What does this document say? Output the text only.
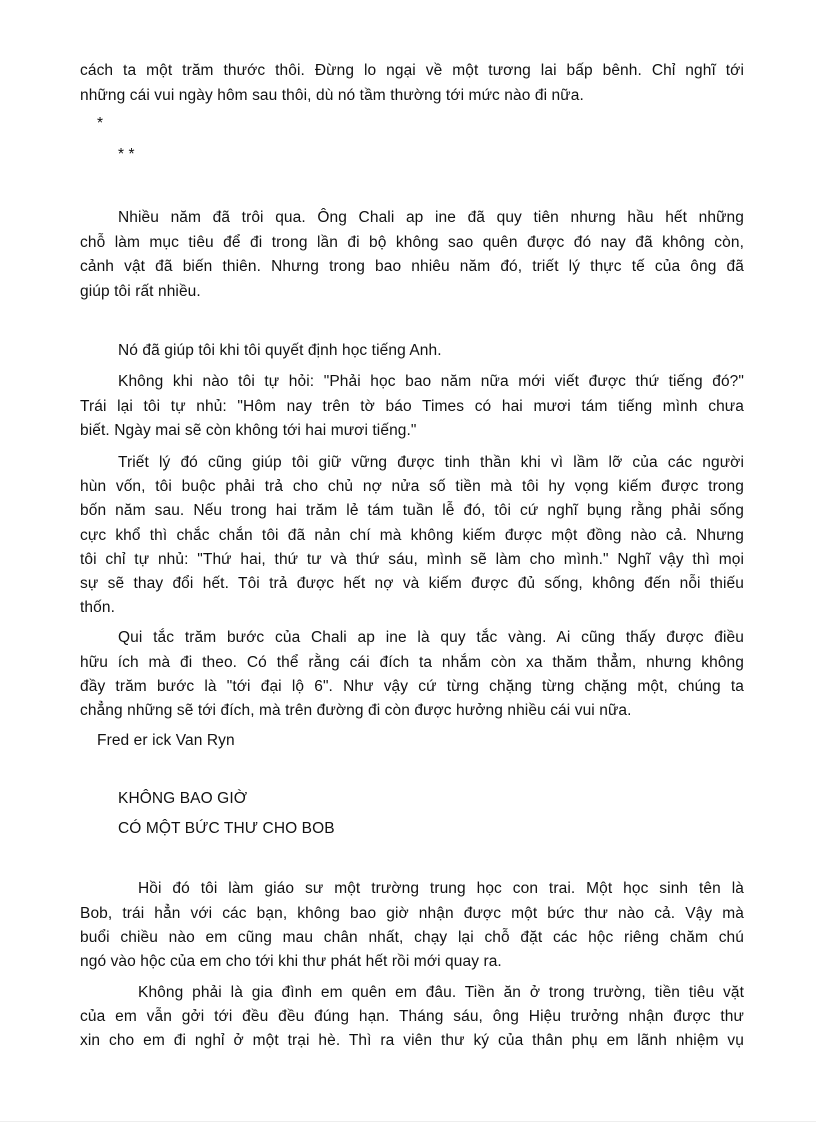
cách ta một trăm thước thôi. Đừng lo ngại về một tương lai bấp bênh. Chỉ nghĩ tới
những cái vui ngày hôm sau thôi, dù nó tầm thường tới mức nào đi nữa.
*
* *
Nhiều năm đã trôi qua. Ông Chali ap ine đã quy tiên nhưng hầu hết những
chỗ làm mục tiêu để đi trong lần đi bộ không sao quên được đó nay đã không còn,
cảnh vật đã biến thiên. Nhưng trong bao nhiêu năm đó, triết lý thực tế của ông đã
giúp tôi rất nhiều.
Nó đã giúp tôi khi tôi quyết định học tiếng Anh.
Không khi nào tôi tự hỏi: "Phải học bao năm nữa mới viết được thứ tiếng đó?"
Trái lại tôi tự nhủ: "Hôm nay trên tờ báo Times có hai mươi tám tiếng mình chưa
biết. Ngày mai sẽ còn không tới hai mươi tiếng."
Triết lý đó cũng giúp tôi giữ vững được tinh thần khi vì lầm lỡ của các người
hùn vốn, tôi buộc phải trả cho chủ nợ nửa số tiền mà tôi hy vọng kiếm được trong
bốn năm sau. Nếu trong hai trăm lẻ tám tuần lễ đó, tôi cứ nghĩ bụng rằng phải sống
cực khổ thì chắc chắn tôi đã nản chí mà không kiếm được một đồng nào cả. Nhưng
tôi chỉ tự nhủ: "Thứ hai, thứ tư và thứ sáu, mình sẽ làm cho mình." Nghĩ vậy thì mọi
sự sẽ thay đổi hết. Tôi trả được hết nợ và kiếm được đủ sống, không đến nỗi thiếu
thốn.
Qui tắc trăm bước của Chali ap ine là quy tắc vàng. Ai cũng thấy được điều
hữu ích mà đi theo. Có thể rằng cái đích ta nhắm còn xa thăm thẳm, nhưng không
đầy trăm bước là "tới đại lộ 6". Như vậy cứ từng chặng từng chặng một, chúng ta
chẳng những sẽ tới đích, mà trên đường đi còn được hưởng nhiều cái vui nữa.
Fred er ick Van Ryn
KHÔNG BAO GIỜ
CÓ MỘT BỨC THƯ CHO BOB
Hồi đó tôi làm giáo sư một trường trung học con trai. Một học sinh tên là
Bob, trái hẳn với các bạn, không bao giờ nhận được một bức thư nào cả. Vậy mà
buổi chiều nào em cũng mau chân nhất, chạy lại chỗ đặt các hộc riêng chăm chú
ngó vào hộc của em cho tới khi thư phát hết rồi mới quay ra.
Không phải là gia đình em quên em đâu. Tiền ăn ở trong trường, tiền tiêu vặt
của em vẫn gởi tới đều đều đúng hạn. Tháng sáu, ông Hiệu trưởng nhận được thư
xin cho em đi nghỉ ở một trại hè. Thì ra viên thư ký của thân phụ em lãnh nhiệm vụ
